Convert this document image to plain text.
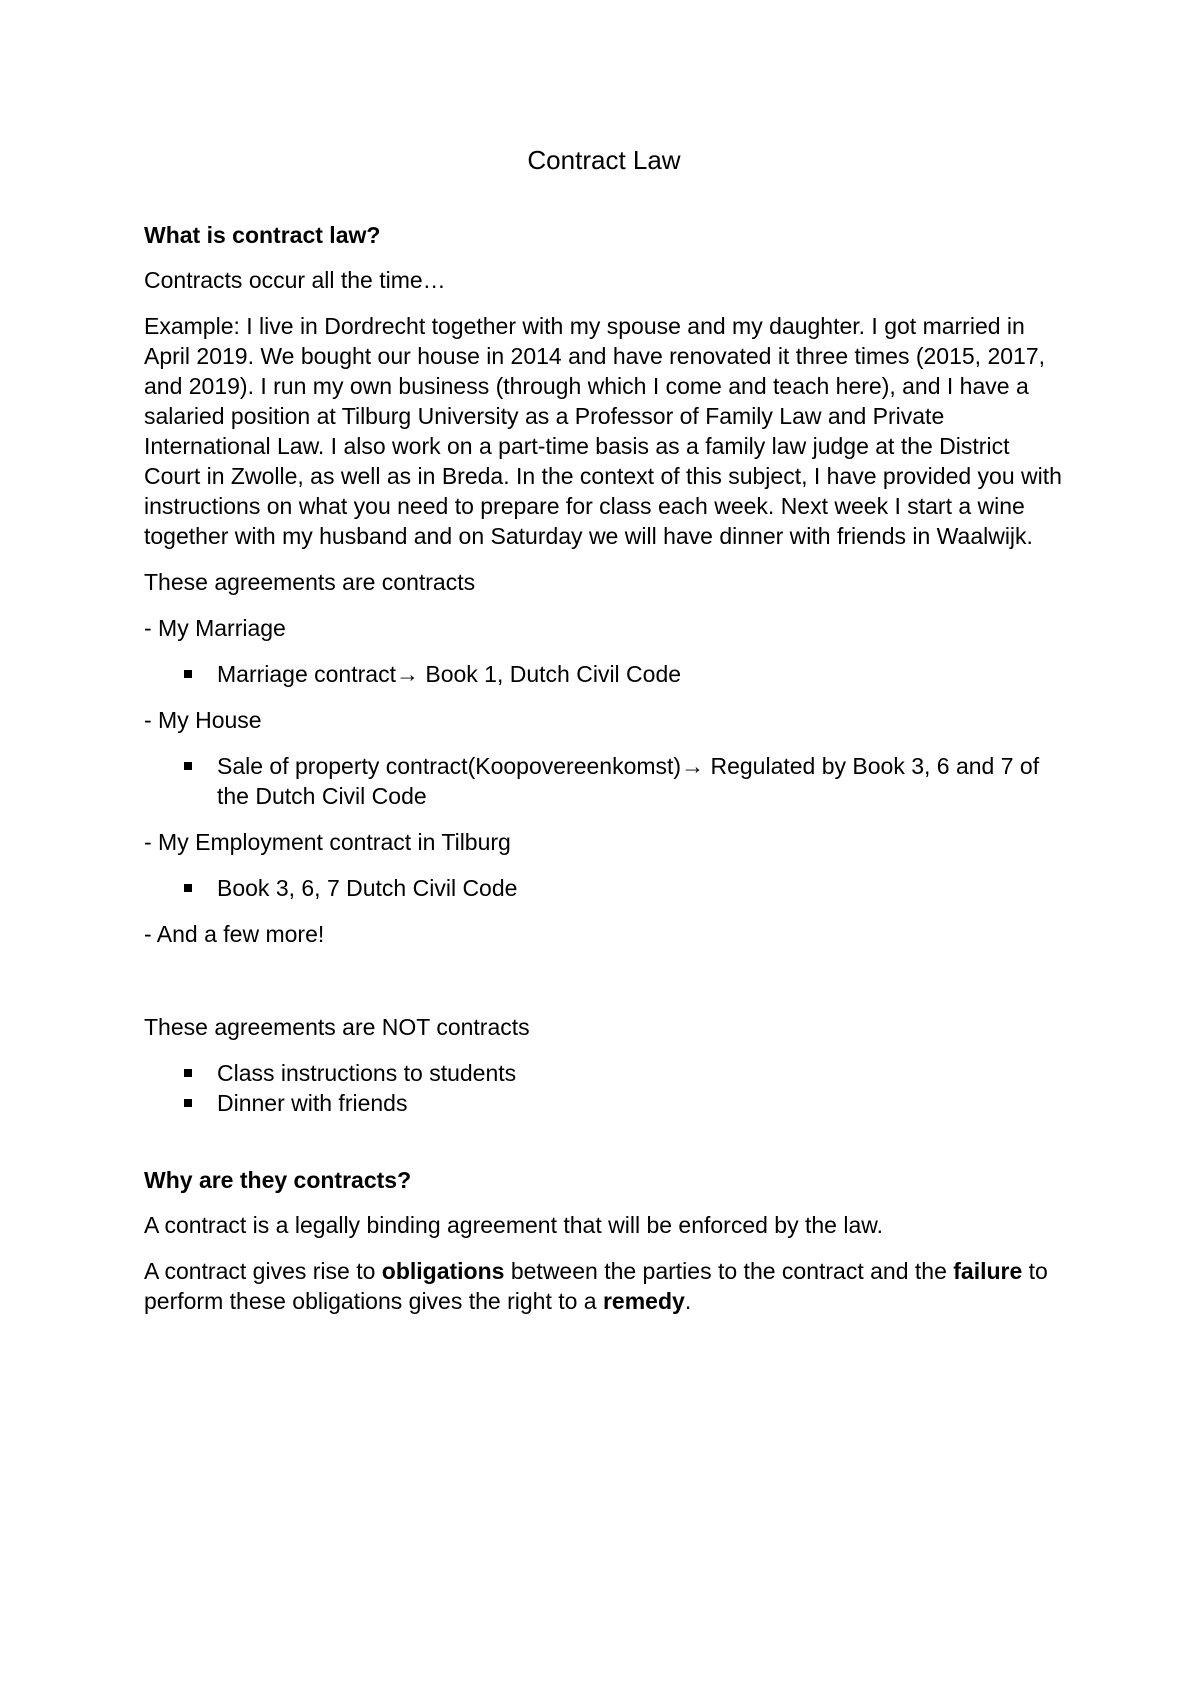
Contract Law
What is contract law?

Contracts occur all the time…

Example: I live in Dordrecht together with my spouse and my daughter. I got married in April 2019. We bought our house in 2014 and have renovated it three times (2015, 2017, and 2019). I run my own business (through which I come and teach here), and I have a salaried position at Tilburg University as a Professor of Family Law and Private International Law. I also work on a part-time basis as a family law judge at the District Court in Zwolle, as well as in Breda. In the context of this subject, I have provided you with instructions on what you need to prepare for class each week. Next week I start a wine together with my husband and on Saturday we will have dinner with friends in Waalwijk.

These agreements are contracts

- My Marriage
Marriage contract→ Book 1, Dutch Civil Code
- My House
Sale of property contract(Koopovereenkomst)→ Regulated by Book 3, 6 and 7 of the Dutch Civil Code
- My Employment contract in Tilburg
Book 3, 6, 7 Dutch Civil Code
- And a few more!

These agreements are NOT contracts

Class instructions to students
Dinner with friends
Why are they contracts?

A contract is a legally binding agreement that will be enforced by the law.

A contract gives rise to obligations between the parties to the contract and the failure to perform these obligations gives the right to a remedy.
